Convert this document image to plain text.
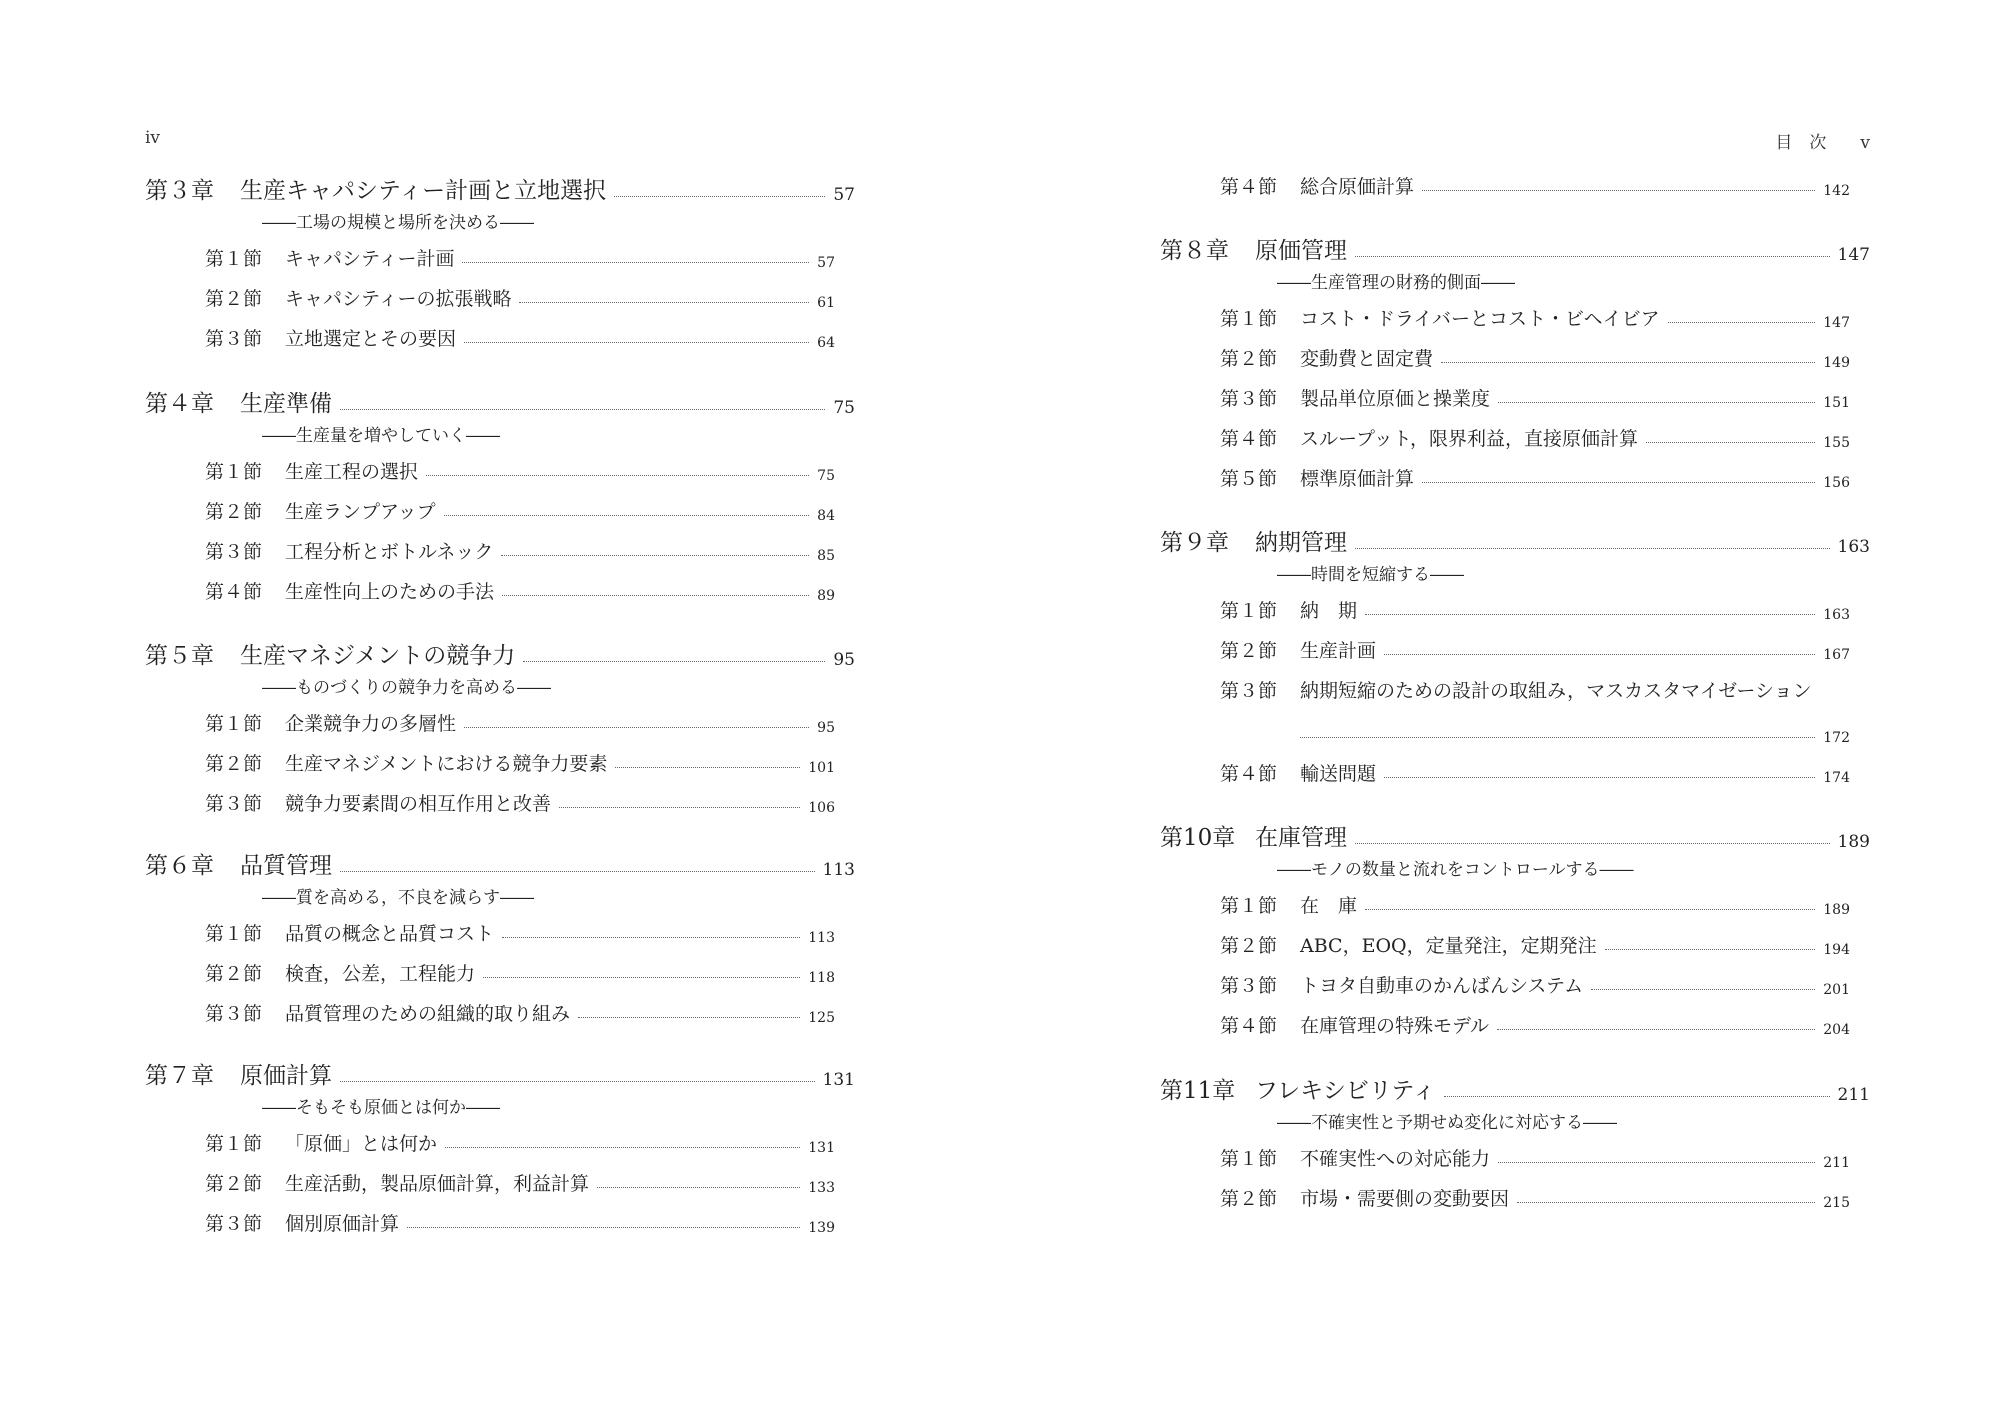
iv
第３章	生産キャパシティー計画と立地選択	57
――工場の規模と場所を決める――
第１節 キャパシティー計画	57
第２節 キャパシティーの拡張戦略	61
第３節 立地選定とその要因	64
第４章	生産準備	75
――生産量を増やしていく――
第１節 生産工程の選択	75
第２節 生産ランプアップ	84
第３節 工程分析とボトルネック	85
第４節 生産性向上のための手法	89
第５章	生産マネジメントの競争力	95
――ものづくりの競争力を高める――
第１節 企業競争力の多層性	95
第２節 生産マネジメントにおける競争力要素	101
第３節 競争力要素間の相互作用と改善	106
第６章	品質管理	113
――質を高める，不良を減らす――
第１節 品質の概念と品質コスト	113
第２節 検査，公差，工程能力	118
第３節 品質管理のための組織的取り組み	125
第７章	原価計算	131
――そもそも原価とは何か――
第１節 「原価」とは何か	131
第２節 生産活動，製品原価計算，利益計算	133
第３節 個別原価計算	139
目　次 v
第４節 総合原価計算	142
第８章	原価管理	147
――生産管理の財務的側面――
第１節 コスト・ドライバーとコスト・ビヘイビア	147
第２節 変動費と固定費	149
第３節 製品単位原価と操業度	151
第４節 スループット，限界利益，直接原価計算	155
第５節 標準原価計算	156
第９章	納期管理	163
――時間を短縮する――
第１節 納　期	163
第２節 生産計画	167
第３節 納期短縮のための設計の取組み，マスカスタマイゼーション
172
第４節 輸送問題	174
第10章 在庫管理	189
――モノの数量と流れをコントロールする――
第１節 在　庫	189
第２節 ABC，EOQ，定量発注，定期発注	194
第３節 トヨタ自動車のかんばんシステム	201
第４節 在庫管理の特殊モデル	204
第11章 フレキシビリティ	211
――不確実性と予期せぬ変化に対応する――
第１節 不確実性への対応能力	211
第２節 市場・需要側の変動要因	215
